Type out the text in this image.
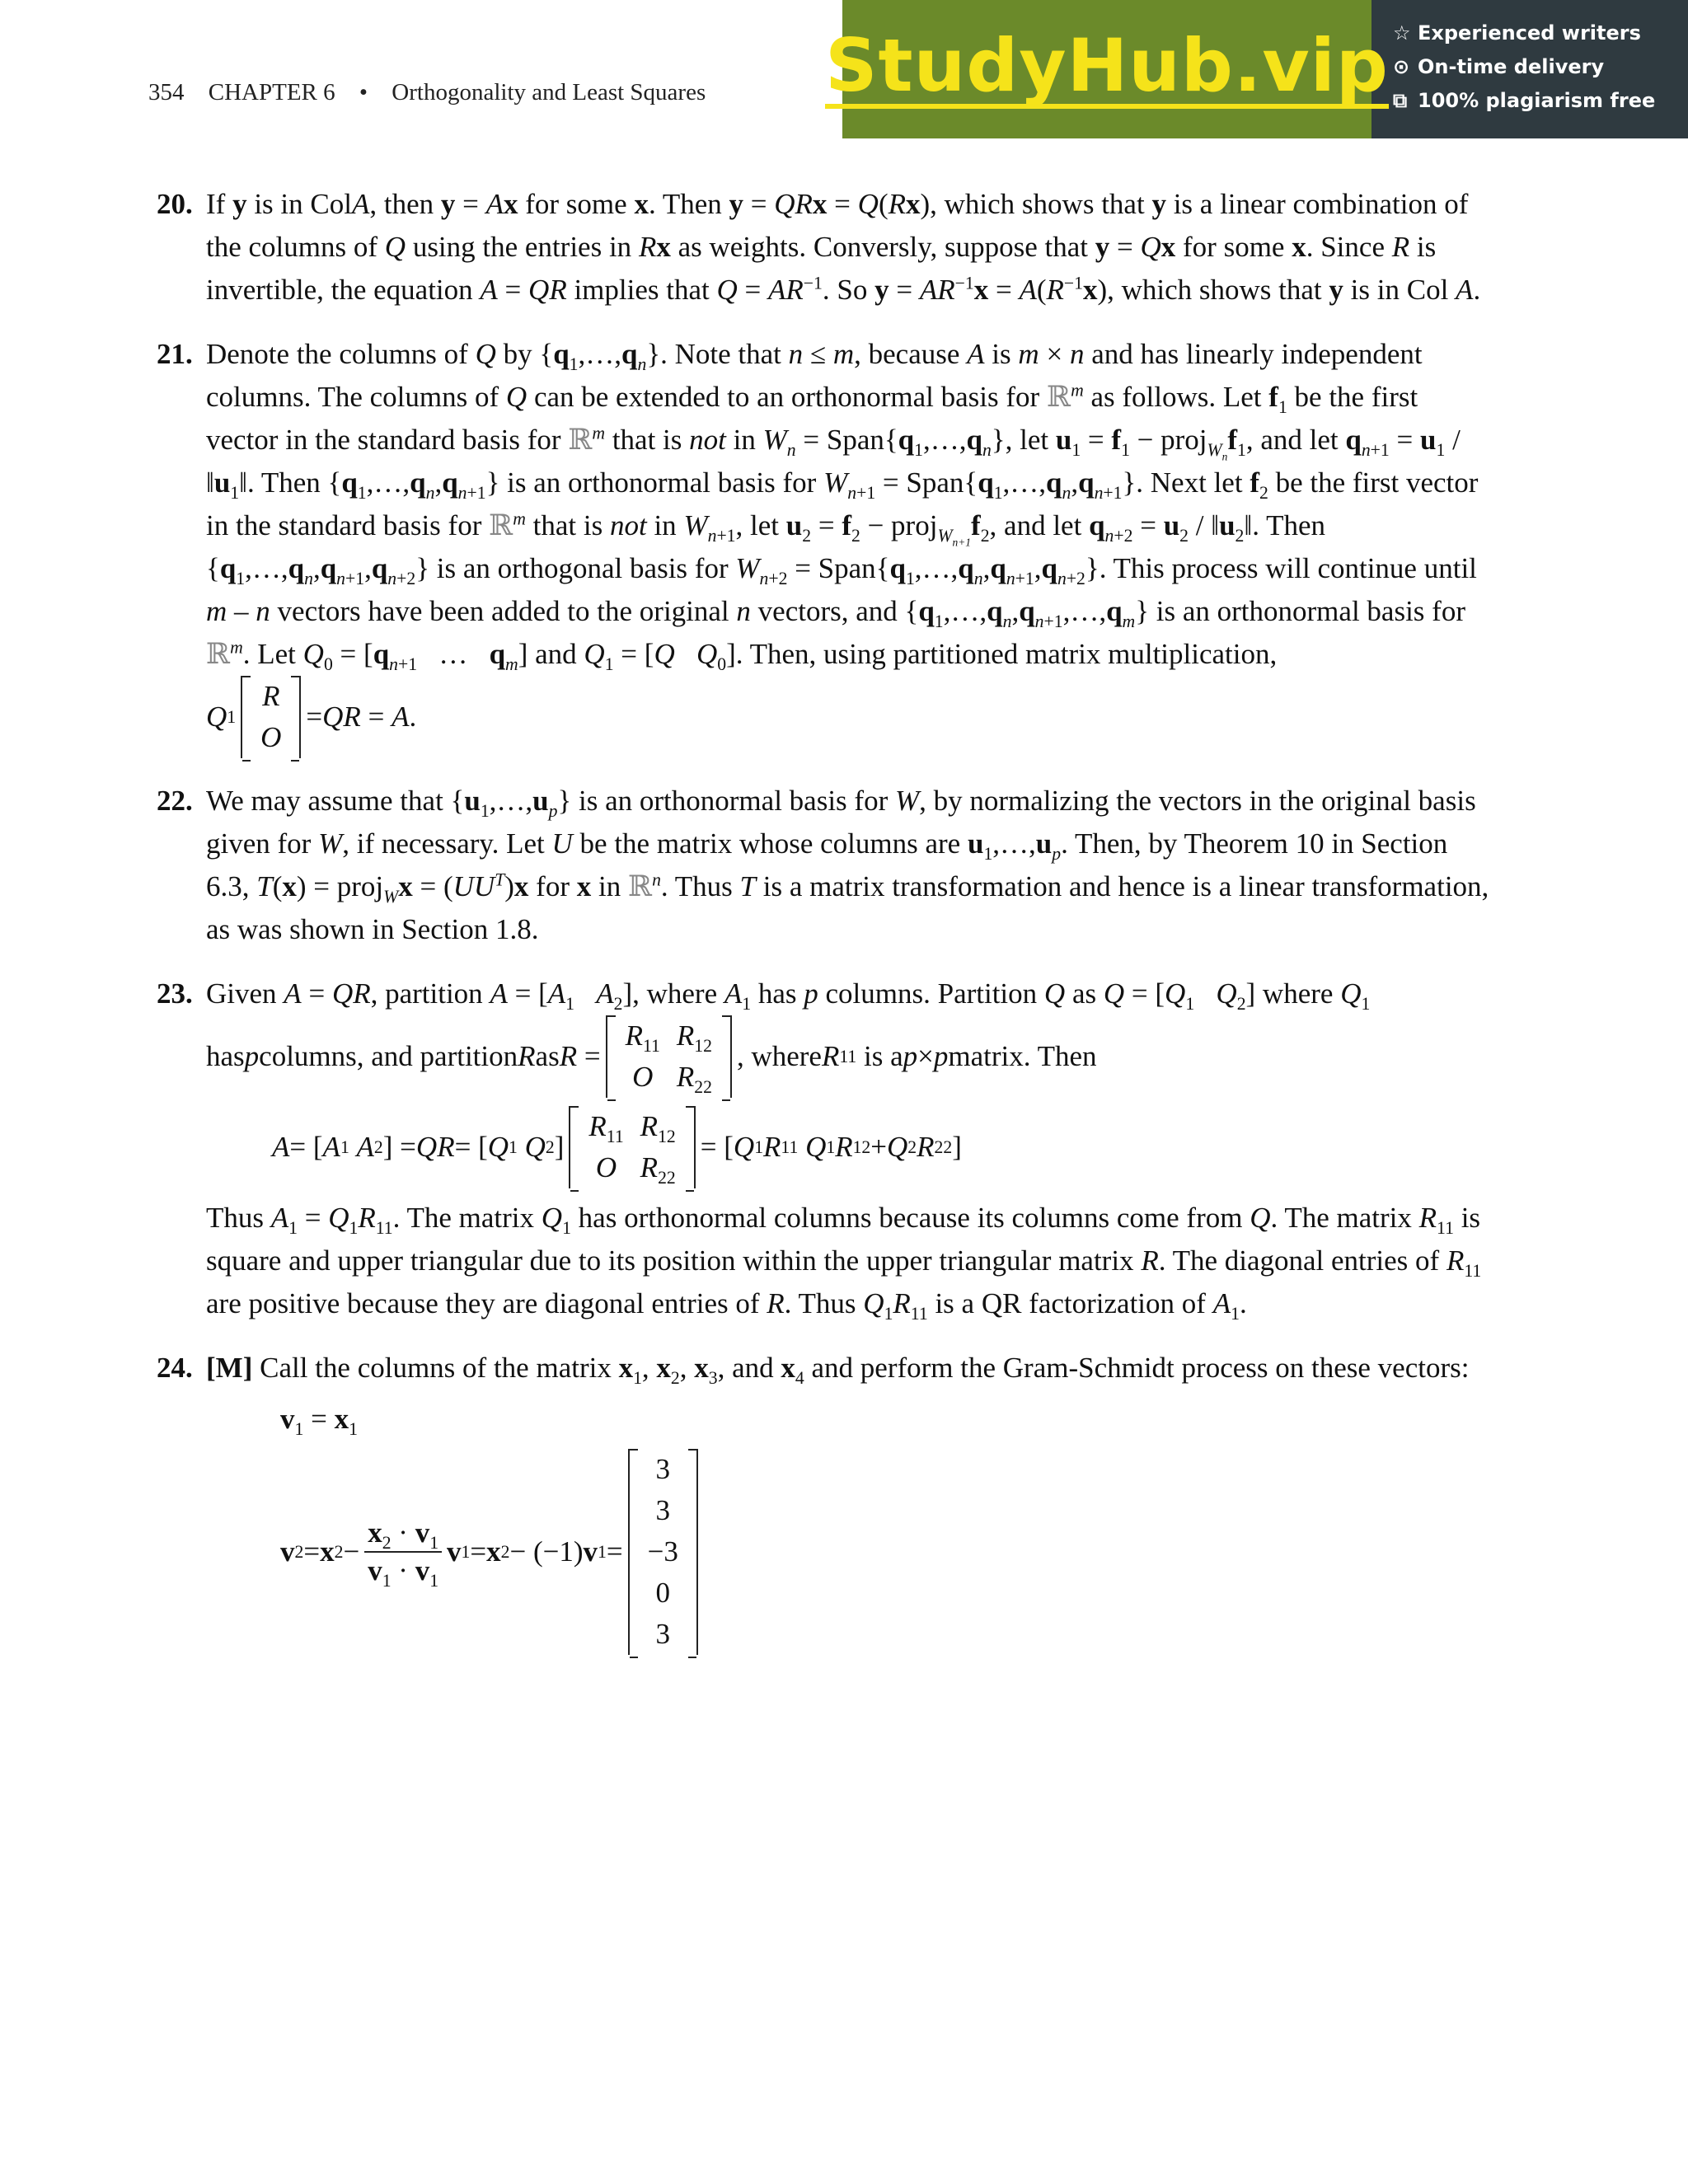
354 CHAPTER 6 • Orthogonality and Least Squares StudyHub.vip ☆ Experienced writers
⊙ On-time delivery
⧉ 100% plagiarism free
20. If y is in ColA, then y = Ax for some x. Then y = QRx = Q(Rx), which shows that y is a linear combination of the columns of Q using the entries in Rx as weights. Conversly, suppose that y = Qx for some x. Since R is invertible, the equation A = QR implies that $Q = AR^{-1}$. So $y = AR^{-1}x = A(R^{-1}x)$, which shows that y is in Col A.
21. Denote the columns of Q by $\{q_1,\dots,q_n\}$. Note that n ≤ m, because A is m × n and has linearly independent columns. The columns of Q can be extended to an orthonormal basis for ℝ$^m$ as follows. Let $f_1$ be the first vector in the standard basis for ℝ$^m$ that is not in $W_n$ = $Span\{q_1,\dots,q_n\}$, let $u_1 = f_1$ − $proj_{W_n}f_1$, and let $q_{n+1} = u_1$ / $‖u_1‖$. Then $\{q_1,\dots,q_n,q_{n+1}\}$ is an orthonormal basis for $W_{n+1}$ = $Span\{q_1,\dots,q_n,q_{n+1}\}$. Next let $f_2$ be the first vector in the standard basis for ℝ$^m$ that is not in $W_{n+1}$, let $u_2 = f_2$ − $proj_{W_{n+1}}f_2$, and let $q_{n+2} = u_2$ / $‖u_2‖$. Then $\{q_1,\dots,q_n,q_{n+1},q_{n+2}\}$ is an orthogonal basis for $W_{n+2}$ = $Span\{q_1,\dots,q_n,q_{n+1},q_{n+2}\}$. This process will continue until m – n vectors have been added to the original n vectors, and $\{q_1,\dots,q_n,q_{n+1},\dots,q_m\}$ is an orthonormal basis for ℝ$^m$. Let $Q_0 = [q_{n+1}$   …   $q_m$] and $Q_1 = [Q$ $Q_0$]. Then, using partitioned matrix multiplication,
Q 1
R
O
= QR = A .
22. We may assume that $\{u_1,\dots,u_p\}$ is an orthonormal basis for W, by normalizing the vectors in the original basis given for W, if necessary. Let U be the matrix whose columns are $u_1,\dots,u_p$. Then, by Theorem 10 in Section 6.3, T(x) = proj$_W$x = $(UU^T)x$ for x in ℝ$^n$. Thus T is a matrix transformation and hence is a linear transformation, as was shown in Section 1.8.
23. Given A = QR, partition $A = [A_1$ $A_2$], where $A_1$ has p columns. Partition Q as $Q = [Q_1$ $Q_2$] where $Q_1$
has p columns, and partition R as R =
$R_{11}$	$R_{12}$
O	$R_{22}$
, where R 11 is a p × p matrix. Then
A = [ A 1
A 2 ] = QR = [ Q 1
Q 2 ]
$R_{11}$	$R_{12}$
O	$R_{22}$
= [ Q 1 R 11
Q 1 R 12 + Q 2 R 22 ]
Thus $A_1 = Q_1R_{11}$. The matrix $Q_1$ has orthonormal columns because its columns come from Q. The matrix $R_{11}$ is square and upper triangular due to its position within the upper triangular matrix R. The diagonal entries of $R_{11}$ are positive because they are diagonal entries of R. Thus $Q_1R_{11}$ is a QR factorization of $A_1$.
24. [M] Call the columns of the matrix $x_1$, $x_2$, $x_3$, and $x_4$ and perform the Gram-Schmidt process on these vectors:
$v_1 = x_1$
v 2 = x $2 - \frac{x_2 \cdot v_1}{v_1 \cdot v_1}$ v 1 = x 2 − (−1) v 1 =
3
3
−3
0
3
